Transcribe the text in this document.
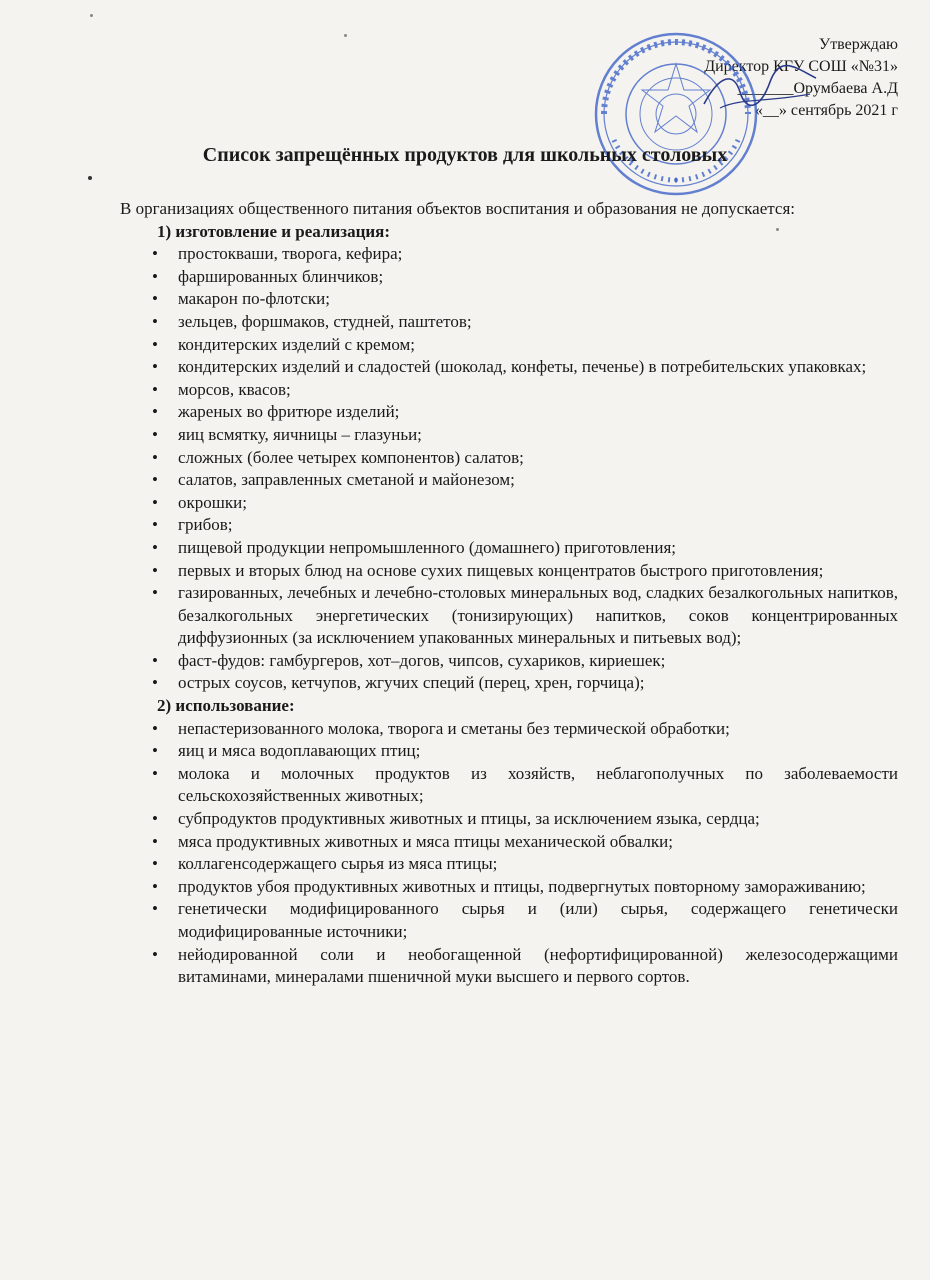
Утверждаю
Директор КГУ СОШ «№31»
_______Орумбаева А.Д
«__» сентябрь 2021 г
Список запрещённых продуктов для школьных столовых

В организациях общественного питания объектов воспитания и образования не допускается:

1) изготовление и реализация:

• простокваши, творога, кефира;
• фаршированных блинчиков;
• макарон по-флотски;
• зельцев, форшмаков, студней, паштетов;
• кондитерских изделий с кремом;
• кондитерских изделий и сладостей (шоколад, конфеты, печенье) в потребительских упаковках;
• морсов, квасов;
• жареных во фритюре изделий;
• яиц всмятку, яичницы – глазуньи;
• сложных (более четырех компонентов) салатов;
• салатов, заправленных сметаной и майонезом;
• окрошки;
• грибов;
• пищевой продукции непромышленного (домашнего) приготовления;
• первых и вторых блюд на основе сухих пищевых концентратов быстрого приготовления;
• газированных, лечебных и лечебно-столовых минеральных вод, сладких безалкогольных напитков, безалкогольных энергетических (тонизирующих) напитков, соков концентрированных диффузионных (за исключением упакованных минеральных и питьевых вод);
• фаст-фудов: гамбургеров, хот–догов, чипсов, сухариков, кириешек;
• острых соусов, кетчупов, жгучих специй (перец, хрен, горчица);

2) использование:

• непастеризованного молока, творога и сметаны без термической обработки;
• яиц и мяса водоплавающих птиц;
• молока и молочных продуктов из хозяйств, неблагополучных по заболеваемости сельскохозяйственных животных;
• субпродуктов продуктивных животных и птицы, за исключением языка, сердца;
• мяса продуктивных животных и мяса птицы механической обвалки;
• коллагенсодержащего сырья из мяса птицы;
• продуктов убоя продуктивных животных и птицы, подвергнутых повторному замораживанию;
• генетически модифицированного сырья и (или) сырья, содержащего генетически модифицированные источники;
• нейодированной соли и необогащенной (нефортифицированной) железосодержащими витаминами, минералами пшеничной муки высшего и первого сортов.
